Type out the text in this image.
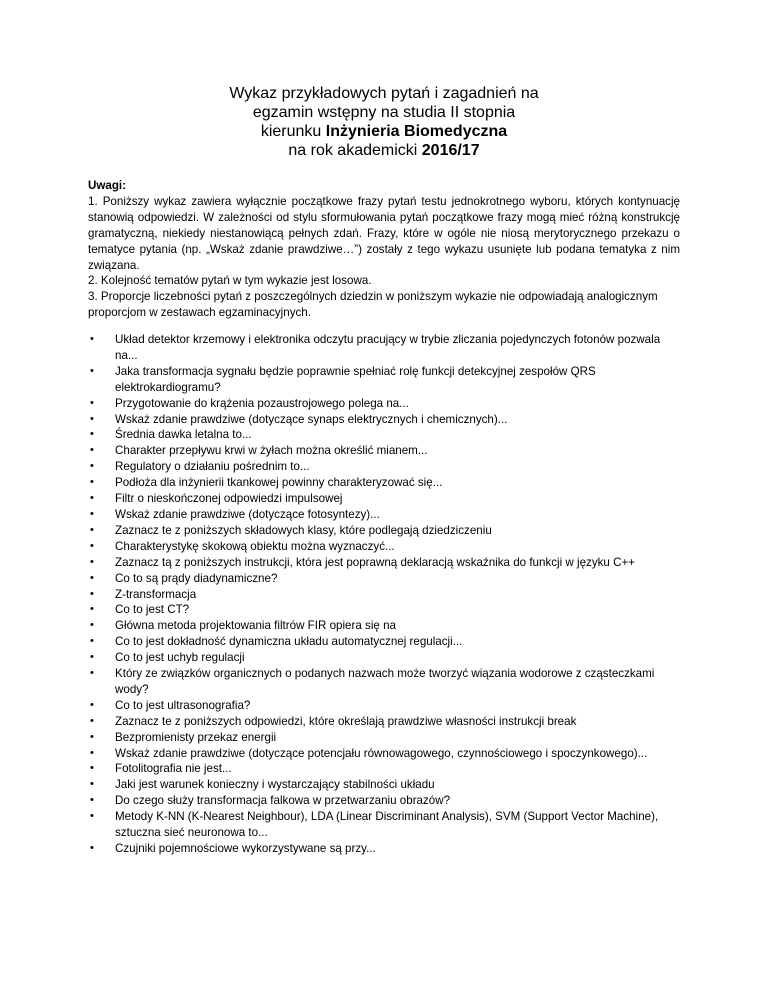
Wykaz przykładowych pytań i zagadnień na
egzamin wstępny na studia II stopnia
kierunku Inżynieria Biomedyczna
na rok akademicki 2016/17
Uwagi:
1. Poniższy wykaz zawiera wyłącznie początkowe frazy pytań testu jednokrotnego wyboru, których kontynuację stanowią odpowiedzi. W zależności od stylu sformułowania pytań początkowe frazy mogą mieć różną konstrukcję gramatyczną, niekiedy niestanowiącą pełnych zdań. Frazy, które w ogóle nie niosą merytorycznego przekazu o tematyce pytania (np. „Wskaż zdanie prawdziwe…”) zostały z tego wykazu usunięte lub podana tematyka z nim związana.
2. Kolejność tematów pytań w tym wykazie jest losowa.
3. Proporcje liczebności pytań z poszczególnych dziedzin w poniższym wykazie nie odpowiadają analogicznym proporcjom w zestawach egzaminacyjnych.
• Układ detektor krzemowy i elektronika odczytu pracujący w trybie zliczania pojedynczych fotonów pozwala na...
• Jaka transformacja sygnału będzie poprawnie spełniać rolę funkcji detekcyjnej zespołów QRS elektrokardiogramu?
• Przygotowanie do krążenia pozaustrojowego polega na...
• Wskaż zdanie prawdziwe (dotyczące synaps elektrycznych i chemicznych)...
• Średnia dawka letalna to...
• Charakter przepływu krwi w żyłach można określić mianem...
• Regulatory o działaniu pośrednim to...
• Podłoża dla inżynierii tkankowej powinny charakteryzować się...
• Filtr o nieskończonej odpowiedzi impulsowej
• Wskaż zdanie prawdziwe (dotyczące fotosyntezy)...
• Zaznacz te z poniższych składowych klasy, które podlegają dziedziczeniu
• Charakterystykę skokową obiektu można wyznaczyć...
• Zaznacz tą z poniższych instrukcji, która jest poprawną deklaracją wskaźnika do funkcji w języku C++
• Co to są prądy diadynamiczne?
• Z-transformacja
• Co to jest CT?
• Główna metoda projektowania filtrów FIR opiera się na
• Co to jest dokładność dynamiczna układu automatycznej regulacji...
• Co to jest uchyb regulacji
• Który ze związków organicznych o podanych nazwach może tworzyć wiązania wodorowe z cząsteczkami wody?
• Co to jest ultrasonografia?
• Zaznacz te z poniższych odpowiedzi, które określają prawdziwe własności instrukcji break
• Bezpromienisty przekaz energii
• Wskaż zdanie prawdziwe (dotyczące potencjału równowagowego, czynnościowego i spoczynkowego)...
• Fotolitografia nie jest...
• Jaki jest warunek konieczny i wystarczający stabilności układu
• Do czego służy transformacja falkowa w przetwarzaniu obrazów?
• Metody K-NN (K-Nearest Neighbour), LDA (Linear Discriminant Analysis), SVM (Support Vector Machine), sztuczna sieć neuronowa to...
• Czujniki pojemnościowe wykorzystywane są przy...
